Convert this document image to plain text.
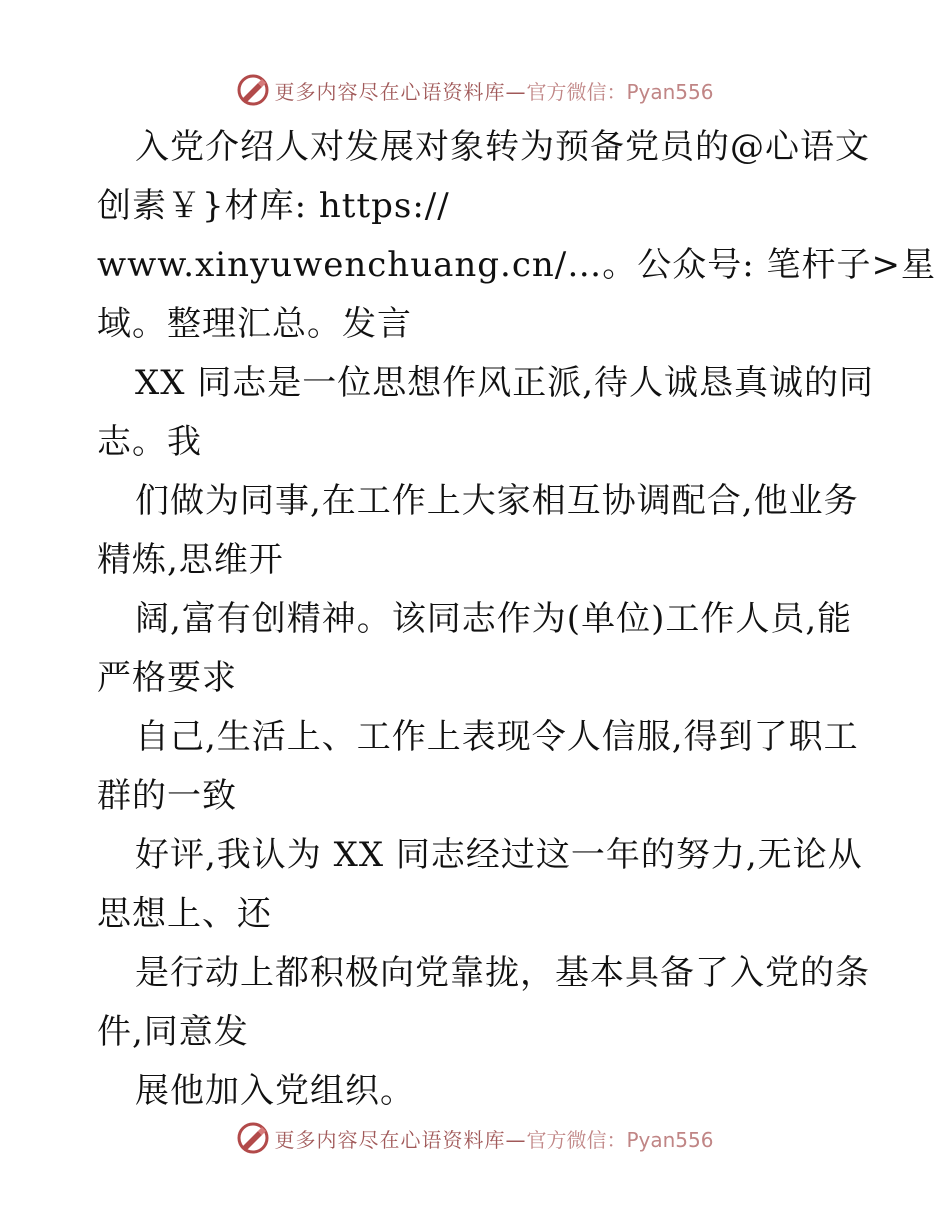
更多内容尽在心语资料库— 官方微信：Pyan556
入党介绍人对发展对象转为预备党员的@心语文
创素￥}材库: https://
www.xinyuwenchuang.cn/…。公众号: 笔杆子>星
域。整理汇总。发言
XX 同志是一位思想作风正派,待人诚恳真诚的同
志。我
们做为同事,在工作上大家相互协调配合,他业务
精炼,思维开
阔,富有创精神。该同志作为(单位)工作人员,能
严格要求
自己,生活上、工作上表现令人信服,得到了职工
群的一致
好评,我认为 XX 同志经过这一年的努力,无论从
思想上、还
是行动上都积极向党靠拢，基本具备了入党的条
件,同意发
展他加入党组织。
更多内容尽在心语资料库— 官方微信：Pyan556
